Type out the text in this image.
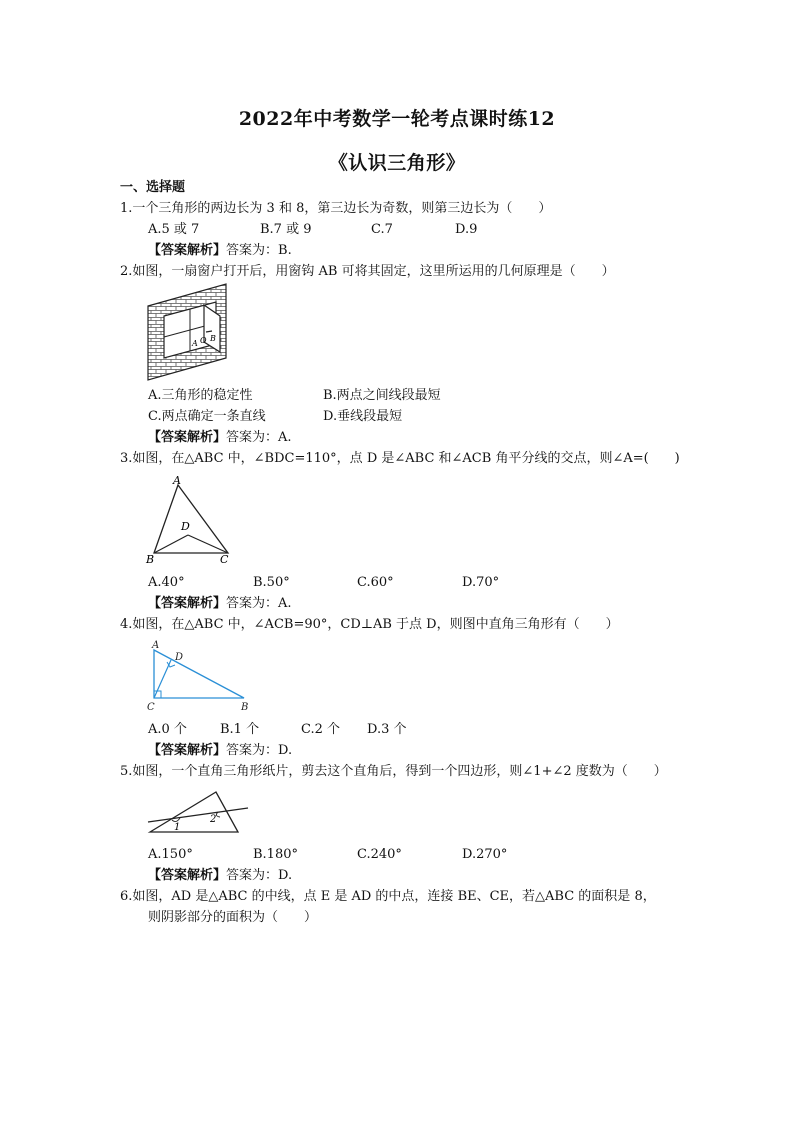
2022年中考数学一轮考点课时练12
《认识三角形》
一、选择题
1.一个三角形的两边长为 3 和 8，第三边长为奇数，则第三边长为（　　）
A.5 或 7	B.7 或 9	C.7	D.9
【答案解析】答案为：B.
2.如图，一扇窗户打开后，用窗钩 AB 可将其固定，这里所运用的几何原理是（　　）
A O B
A.三角形的稳定性	B.两点之间线段最短
C.两点确定一条直线	D.垂线段最短
【答案解析】答案为：A.
3.如图，在△ABC 中，∠BDC=110°，点 D 是∠ABC 和∠ACB 角平分线的交点，则∠A=(　　)
A
D
B	C
A.40°	B.50°	C.60°	D.70°
【答案解析】答案为：A.
4.如图，在△ABC 中，∠ACB=90°，CD⊥AB 于点 D，则图中直角三角形有（　　）
A
D
C	B
A.0 个	B.1 个	C.2 个 D.3 个
【答案解析】答案为：D.
5.如图，一个直角三角形纸片，剪去这个直角后，得到一个四边形，则∠1+∠2 度数为（　　）
1
2
A.150°	B.180°	C.240°	D.270°
【答案解析】答案为：D.
6.如图，AD 是△ABC 的中线，点 E 是 AD 的中点，连接 BE、CE，若△ABC 的面积是 8，
则阴影部分的面积为（　　）
